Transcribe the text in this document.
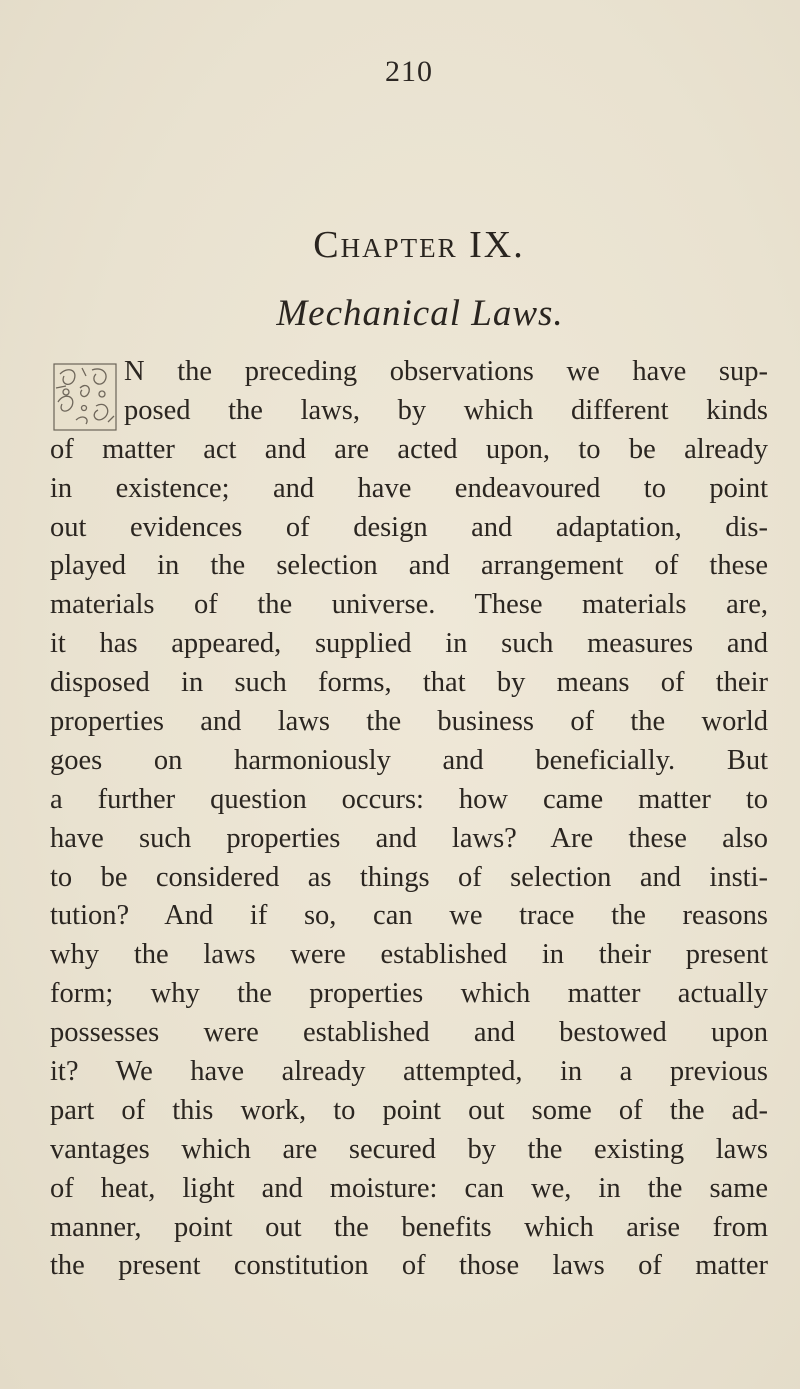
210
Chapter IX.
Mechanical Laws.
N the preceding observations we have sup-
posed the laws, by which different kinds
of matter act and are acted upon, to be already
in existence; and have endeavoured to point
out evidences of design and adaptation, dis-
played in the selection and arrangement of these
materials of the universe. These materials are,
it has appeared, supplied in such measures and
disposed in such forms, that by means of their
properties and laws the business of the world
goes on harmoniously and beneficially. But
a further question occurs: how came matter to
have such properties and laws? Are these also
to be considered as things of selection and insti-
tution? And if so, can we trace the reasons
why the laws were established in their present
form; why the properties which matter actually
possesses were established and bestowed upon
it? We have already attempted, in a previous
part of this work, to point out some of the ad-
vantages which are secured by the existing laws
of heat, light and moisture: can we, in the same
manner, point out the benefits which arise from
the present constitution of those laws of matter
